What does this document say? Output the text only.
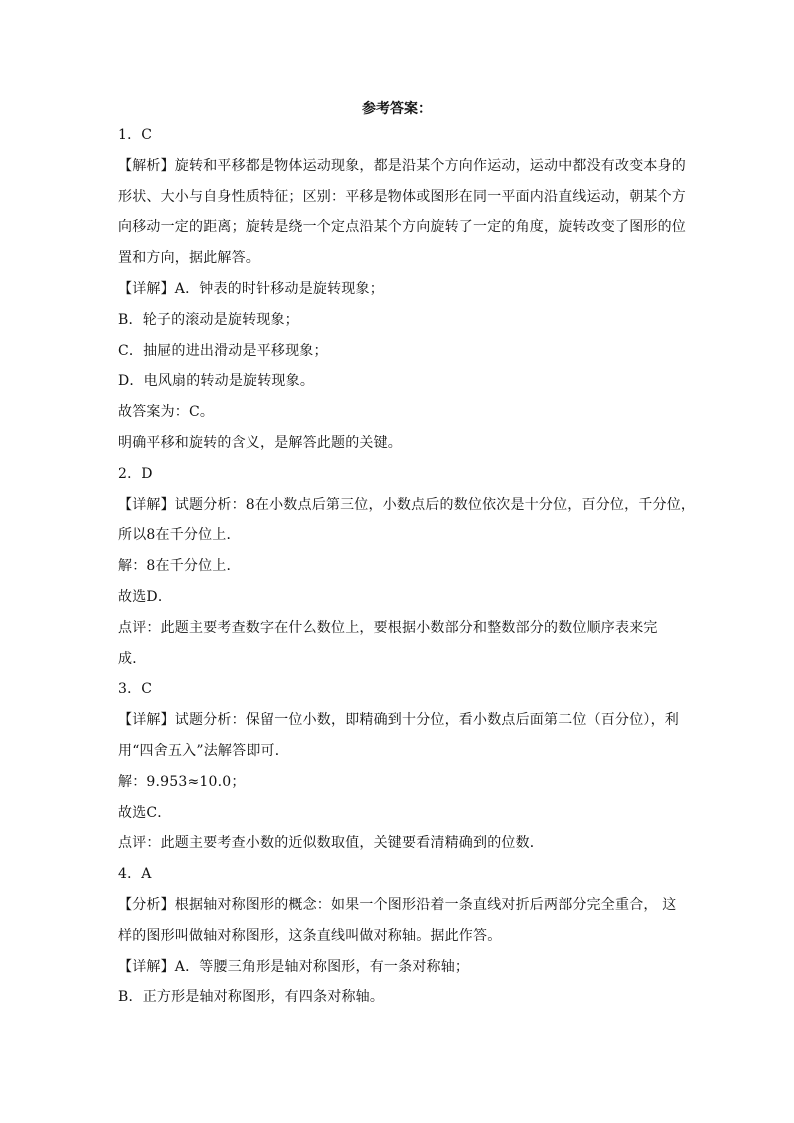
参考答案：
1．C
【解析】旋转和平移都是物体运动现象，都是沿某个方向作运动，运动中都没有改变本身的
形状、大小与自身性质特征；区别：平移是物体或图形在同一平面内沿直线运动，朝某个方
向移动一定的距离；旋转是绕一个定点沿某个方向旋转了一定的角度，旋转改变了图形的位
置和方向，据此解答。
【详解】A．钟表的时针移动是旋转现象；
B．轮子的滚动是旋转现象；
C．抽屉的进出滑动是平移现象；
D．电风扇的转动是旋转现象。
故答案为：C。
明确平移和旋转的含义，是解答此题的关键。
2．D
【详解】试题分析：8在小数点后第三位，小数点后的数位依次是十分位，百分位，千分位，
所以8在千分位上．
解：8在千分位上．
故选D．
点评：此题主要考查数字在什么数位上，要根据小数部分和整数部分的数位顺序表来完
成．
3．C
【详解】试题分析：保留一位小数，即精确到十分位，看小数点后面第二位（百分位），利
用“四舍五入”法解答即可．
解：9.953≈10.0；
故选C．
点评：此题主要考查小数的近似数取值，关键要看清精确到的位数．
4．A
【分析】根据轴对称图形的概念：如果一个图形沿着一条直线对折后两部分完全重合， 这
样的图形叫做轴对称图形，这条直线叫做对称轴。据此作答。
【详解】A．等腰三角形是轴对称图形，有一条对称轴；
B．正方形是轴对称图形，有四条对称轴。
